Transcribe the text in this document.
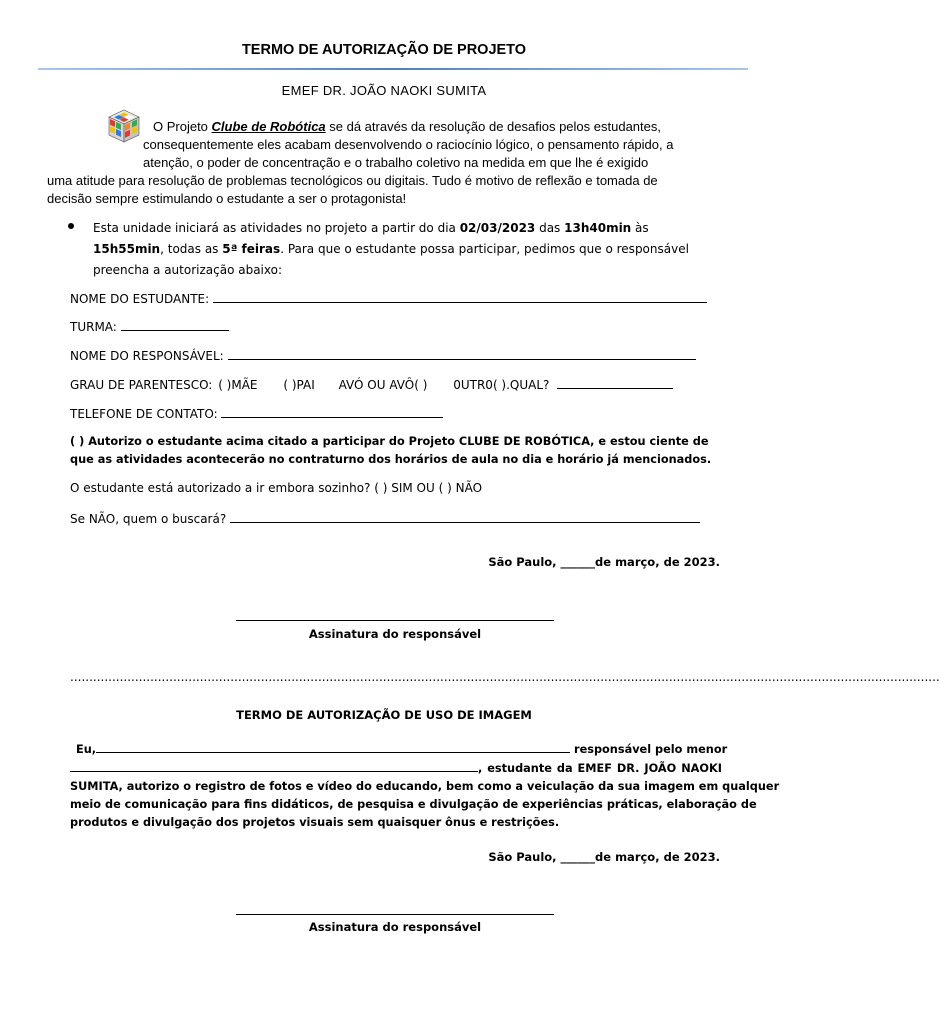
TERMO DE AUTORIZAÇÃO DE PROJETO
EMEF DR. JOÃO NAOKI SUMITA
O Projeto Clube de Robótica se dá através da resolução de desafios pelos estudantes,
consequentemente eles acabam desenvolvendo o raciocínio lógico, o pensamento rápido, a
atenção, o poder de concentração e o trabalho coletivo na medida em que lhe é exigido
uma atitude para resolução de problemas tecnológicos ou digitais. Tudo é motivo de reflexão e tomada de
decisão sempre estimulando o estudante a ser o protagonista!
Esta unidade iniciará as atividades no projeto a partir do dia 02/03/2023 das 13h40min às 15h55min, todas as 5ª feiras. Para que o estudante possa participar, pedimos que o responsável preencha a autorização abaixo:
NOME DO ESTUDANTE:
TURMA:
NOME DO RESPONSÁVEL:
GRAU DE PARENTESCO: ( )MÃE ( )PAI AVÓ OU AVÔ( ) 0UTR0( ).QUAL?
TELEFONE DE CONTATO:
( ) Autorizo o estudante acima citado a participar do Projeto CLUBE DE ROBÓTICA, e estou ciente de que as atividades acontecerão no contraturno dos horários de aula no dia e horário já mencionados.
O estudante está autorizado a ir embora sozinho? ( ) SIM OU ( ) NÃO
Se NÃO, quem o buscará?
São Paulo, ______de março, de 2023.
Assinatura do responsável
....................................................................................................................................................................................................................................
TERMO DE AUTORIZAÇÃO DE USO DE IMAGEM
Eu,	responsável pelo menor
, estudante da EMEF DR. JOÃO NAOKI
SUMITA, autorizo o registro de fotos e vídeo do educando, bem como a veiculação da sua imagem em qualquer
meio de comunicação para fins didáticos, de pesquisa e divulgação de experiências práticas, elaboração de
produtos e divulgação dos projetos visuais sem quaisquer ônus e restrições.
São Paulo, ______de março, de 2023.
Assinatura do responsável
